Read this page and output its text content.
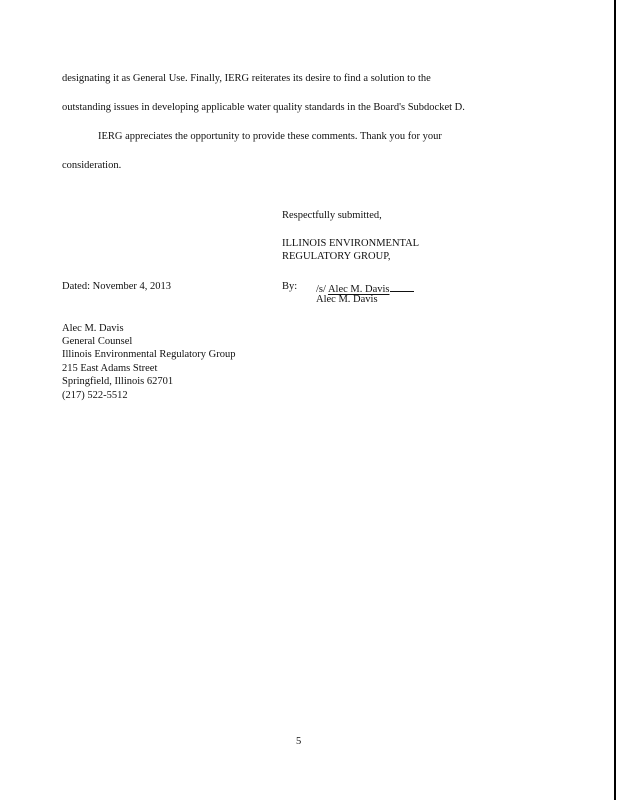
designating it as General Use. Finally, IERG reiterates its desire to find a solution to the
outstanding issues in developing applicable water quality standards in the Board's Subdocket D.
IERG appreciates the opportunity to provide these comments. Thank you for your
consideration.
Respectfully submitted,
ILLINOIS ENVIRONMENTAL
REGULATORY GROUP,
Dated: November 4, 2013	By: /s/ Alec M. Davis
Alec M. Davis
Alec M. Davis
General Counsel
Illinois Environmental Regulatory Group
215 East Adams Street
Springfield, Illinois 62701
(217) 522-5512
5
